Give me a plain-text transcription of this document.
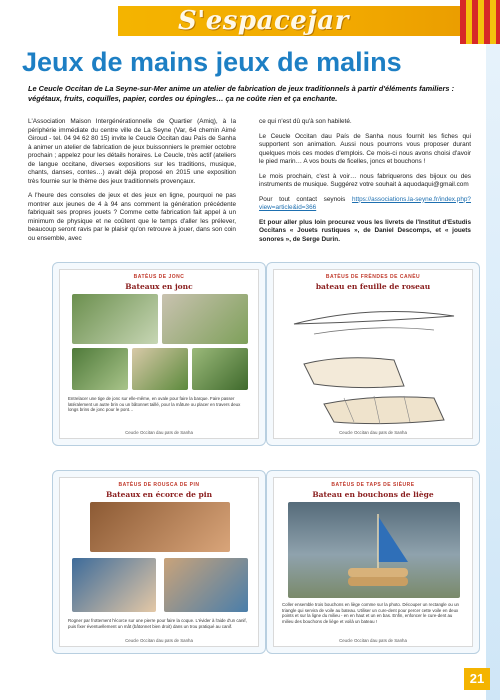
S'espacejar
Jeux de mains jeux de malins
Le Ceucle Occitan de La Seyne-sur-Mer anime un atelier de fabrication de jeux traditionnels à partir d'éléments familiers : végétaux, fruits, coquilles, papier, cordes ou épingles… ça ne coûte rien et ça enchante.

L'Association Maison Intergénérationnelle de Quartier (Amiq), à la périphérie immédiate du centre ville de La Seyne (Var, 64 chemin Aimé Giroud - tel. 04 94 62 80 15) invite le Ceucle Occitan dau País de Sanha à animer un atelier de fabrication de jeux buissonniers le premier octobre prochain ; appelez pour les détails horaires. Le Ceucle, très actif (ateliers de langue occitane, diverses expositions sur les traditions, musique, chants, danses, contes…) avait déjà proposé en 2015 une exposition très fournie sur le thème des jeux traditionnels provençaux.

A l'heure des consoles de jeux et des jeux en ligne, pourquoi ne pas montrer aux jeunes de 4 à 94 ans comment la génération précédente fabriquait ses propres jouets ? Comme cette fabrication fait appel à un minimum de physique et ne coûtent que le temps d'aller les prélever, beaucoup seront ravis par le plaisir qu'on retrouve à jouer, dans son coin ou ensemble, avec

ce qui n'est dû qu'à son habileté.

Le Ceucle Occitan dau País de Sanha nous fournit les fiches qui supportent son animation. Aussi nous pourrons vous proposer durant quelques mois ces modes d'emplois. Ce mois-ci nous avons choisi d'avoir le pied marin… A vos bouts de ficelles, joncs et bouchons !

Le mois prochain, c'est à voir… nous fabriquerons des bijoux ou des instruments de musique. Suggérez votre souhait à aquodaqui@gmail.com

Pour tout contact seynois https://associations.la-seyne.fr/index.php?view=article&id=366

Et pour aller plus loin procurez vous les livrets de l'Institut d'Estudis Occitans « Jouets rustiques », de Daniel Descomps, et « jouets sonores », de Serge Durin.

BATÈUS DE JONC
Bateaux en jonc
Entrelacer une tige de jonc sur elle-même, en ovale pour faire la barque. Faire passer latéralement un autre brin ou un bâtonnet taillé, pour la mâture ou placer en travers deux longs brins de jonc pour le pont…
Ceucle Occitan dau païs de Sanha
BATÈUS DE FRÈNDES DE CANÈU
bateau en feuille de roseau
Ceucle Occitan dau païs de Sanha
BATÈUS DE ROUSCA DE PIN
Bateaux en écorce de pin
Rogner par frottement l'écorce sur une pierre pour faire la coque. L'évider à l'aide d'un canif, puis fixer éventuellement un mât (bâtonnet bien droit) dans un trou pratiqué au canif.
Ceucle Occitan dau païs de Sanha
BATÈUS DE TAPS DE SIÈURE
Bateau en bouchons de liège
Coller ensemble trois bouchons en liège comme sur la photo. Découper un rectangle ou un triangle qui servira de voile au bateau. Utiliser un cure-dent pour percer cette voile en deux points et sur la ligne du milieu - en en haut et un en bas. Enfin, enfoncer le cure-dent au milieu des bouchons de liège et voilà un bateau !
Ceucle Occitan dau païs de Sanha
21
